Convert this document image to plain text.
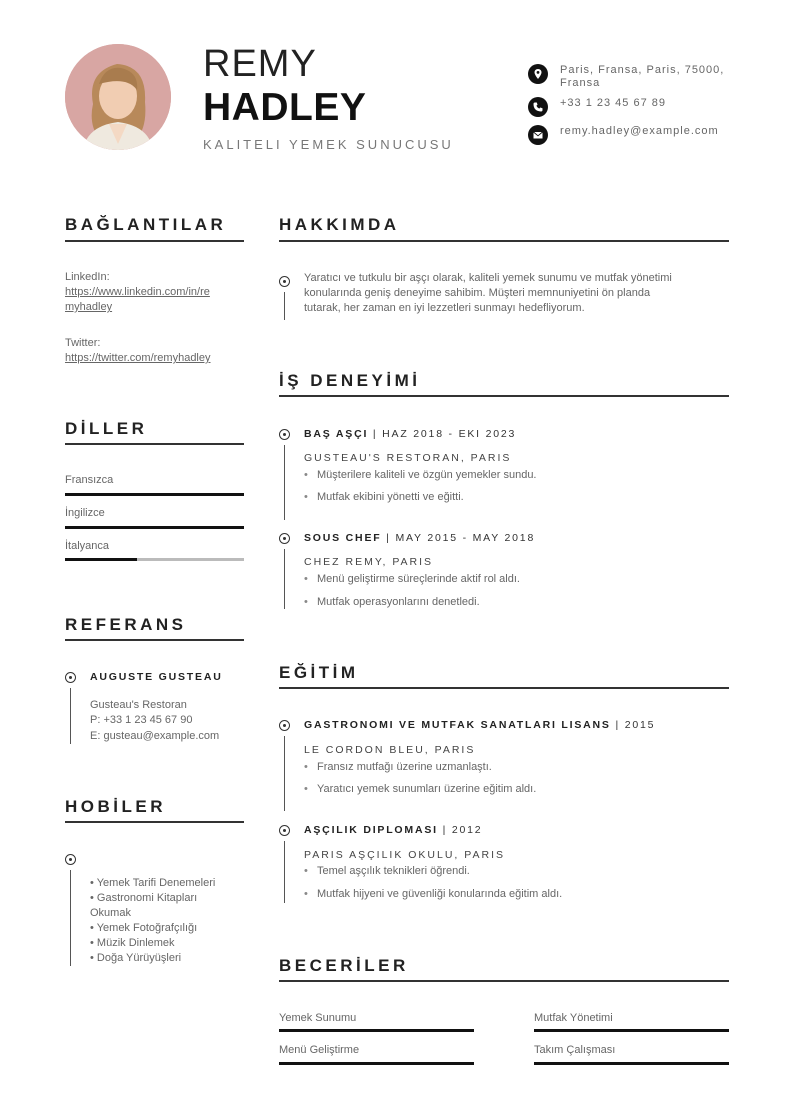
REMY
HADLEY
KALITELI YEMEK SUNUCUSU
Paris, Fransa, Paris, 75000, Fransa
+33 1 23 45 67 89
remy.hadley@example.com
BAĞLANTILAR
LinkedIn:
https://www.linkedin.com/in/re
myhadley
Twitter:
https://twitter.com/remyhadley
DİLLER
Fransızca
İngilizce
İtalyanca
REFERANS
AUGUSTE GUSTEAU
Gusteau's Restoran
P: +33 1 23 45 67 90
E: gusteau@example.com
HOBİLER
• Yemek Tarifi Denemeleri
• Gastronomi Kitapları
Okumak
• Yemek Fotoğrafçılığı
• Müzik Dinlemek
• Doğa Yürüyüşleri
HAKKIMDA
Yaratıcı ve tutkulu bir aşçı olarak, kaliteli yemek sunumu ve mutfak yönetimi
konularında geniş deneyime sahibim. Müşteri memnuniyetini ön planda
tutarak, her zaman en iyi lezzetleri sunmayı hedefliyorum.
İŞ DENEYİMİ
BAŞ AŞÇI | HAZ 2018 - EKI 2023
GUSTEAU'S RESTORAN, PARIS
• Müşterilere kaliteli ve özgün yemekler sundu.
• Mutfak ekibini yönetti ve eğitti.
SOUS CHEF | MAY 2015 - MAY 2018
CHEZ REMY, PARIS
• Menü geliştirme süreçlerinde aktif rol aldı.
• Mutfak operasyonlarını denetledi.
EĞİTİM
GASTRONOMI VE MUTFAK SANATLARI LISANS | 2015
LE CORDON BLEU, PARIS
• Fransız mutfağı üzerine uzmanlaştı.
• Yaratıcı yemek sunumları üzerine eğitim aldı.
AŞÇILIK DIPLOMASI | 2012
PARIS AŞÇILIK OKULU, PARIS
• Temel aşçılık teknikleri öğrendi.
• Mutfak hijyeni ve güvenliği konularında eğitim aldı.
BECERİLER
Yemek Sunumu	Mutfak Yönetimi
Menü Geliştirme	Takım Çalışması
